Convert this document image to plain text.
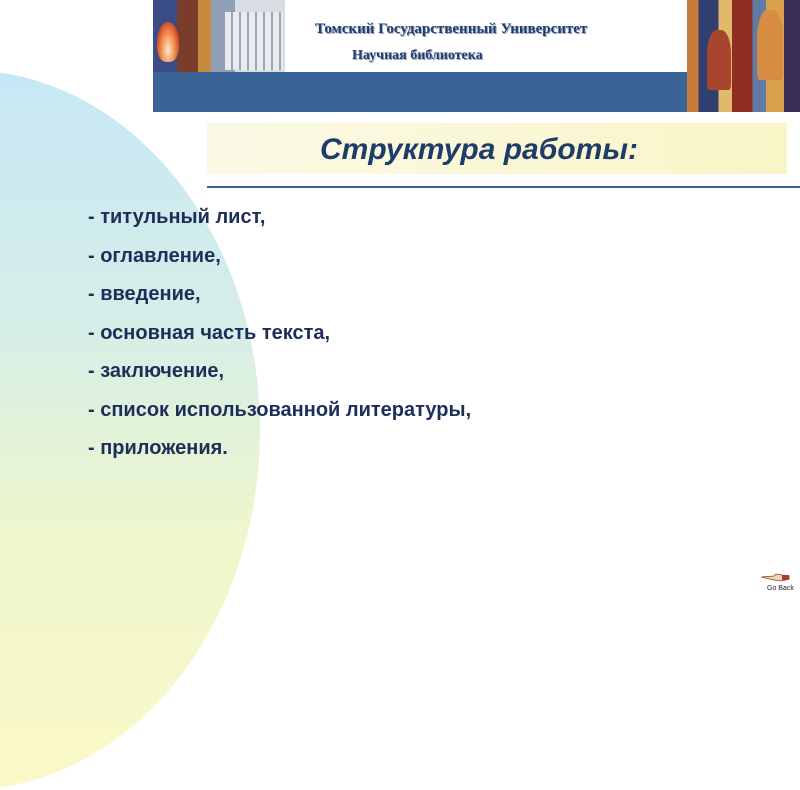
Томский Государственный Университет
Научная библиотека
Структура работы:
- титульный лист,
- оглавление,
- введение,
- основная часть текста,
- заключение,
- список использованной литературы,
- приложения.
Go Back
